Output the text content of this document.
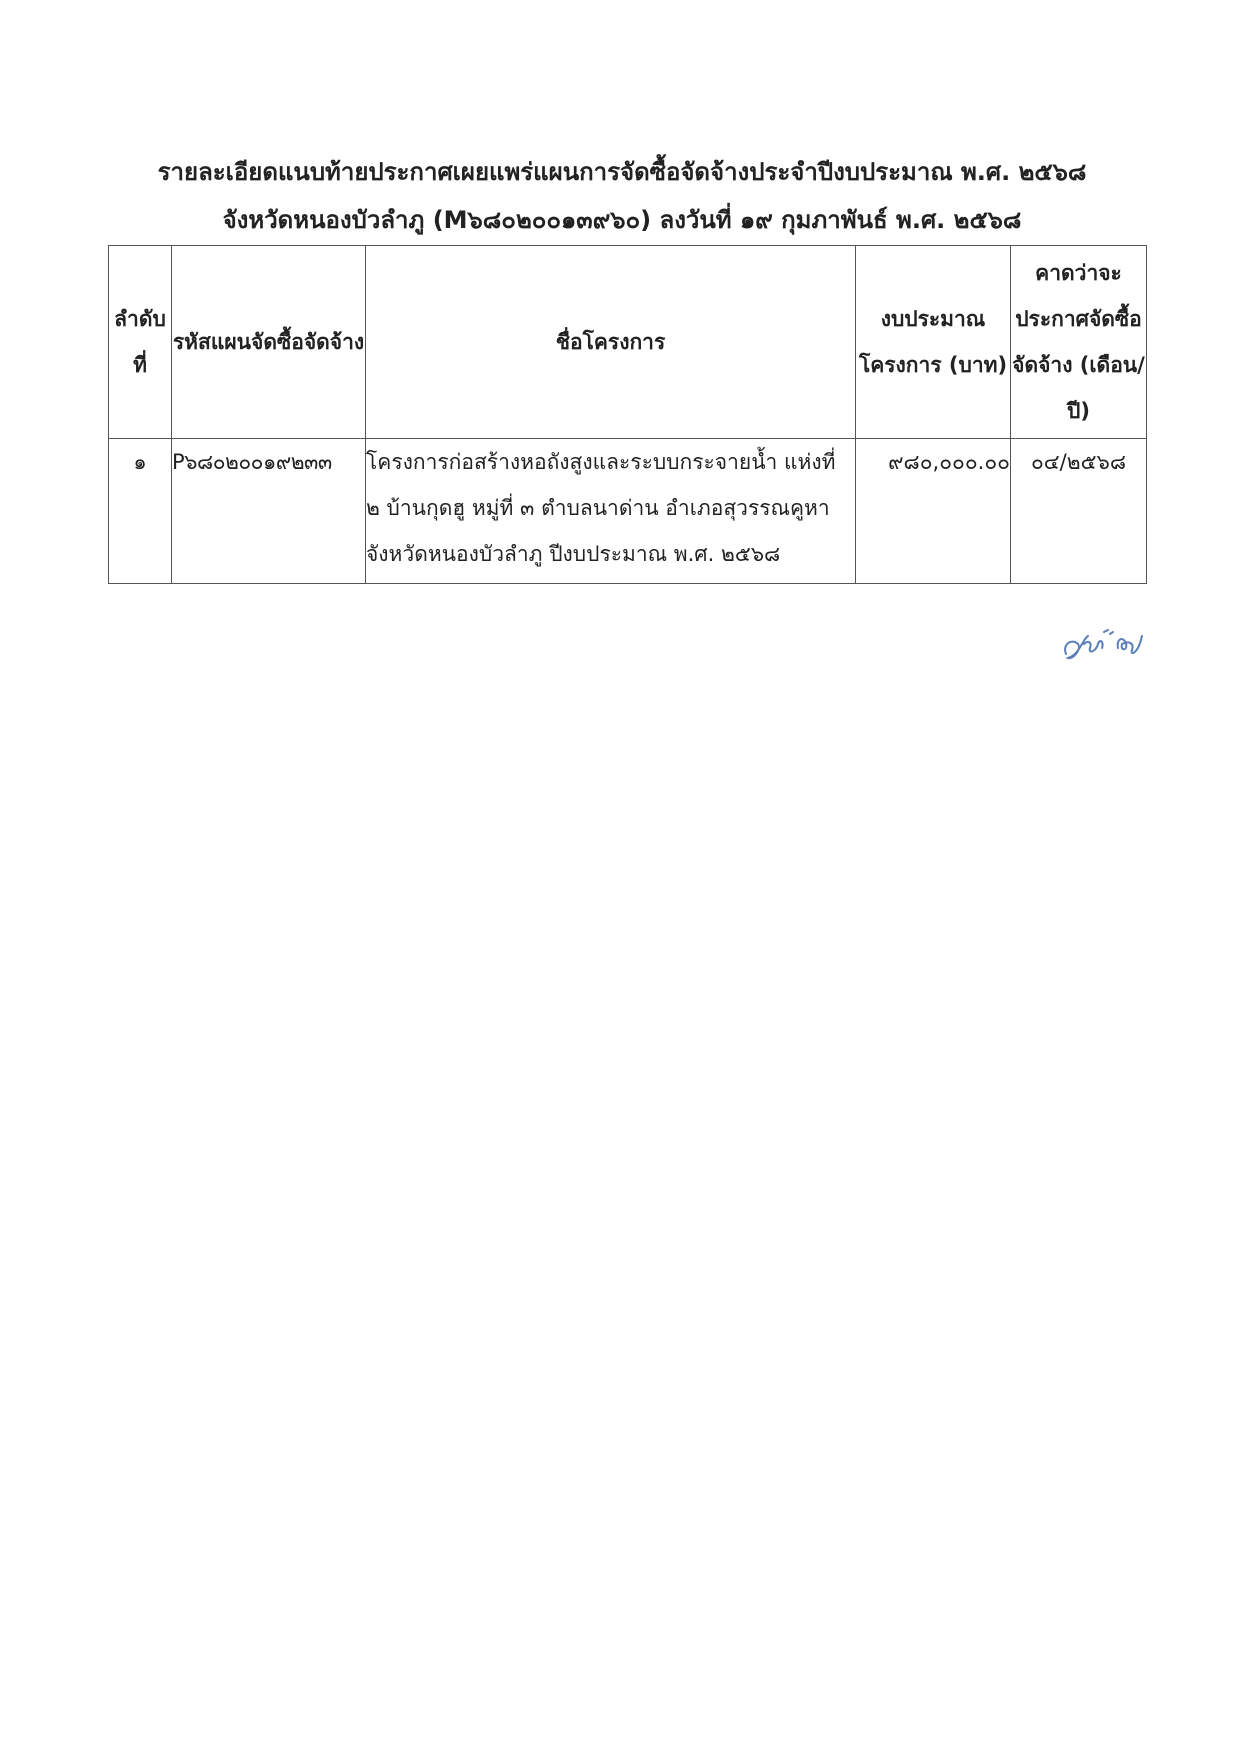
รายละเอียดแนบท้ายประกาศเผยแพร่แผนการจัดซื้อจัดจ้างประจำปีงบประมาณ พ.ศ. ๒๕๖๘
จังหวัดหนองบัวลำภู (M๖๘๐๒๐๐๑๓๙๖๐) ลงวันที่ ๑๙ กุมภาพันธ์ พ.ศ. ๒๕๖๘
ลำดับที่	รหัสแผนจัดซื้อจัดจ้าง	ชื่อโครงการ	งบประมาณโครงการ (บาท)	คาดว่าจะประกาศจัดซื้อจัดจ้าง (เดือน/ปี)
๑	P๖๘๐๒๐๐๑๙๒๓๓	โครงการก่อสร้างหอถังสูงและระบบกระจายน้ำ แห่งที่ ๒ บ้านกุดฮู หมู่ที่ ๓ ตำบลนาด่าน อำเภอสุวรรณคูหา จังหวัดหนองบัวลำภู ปีงบประมาณ พ.ศ. ๒๕๖๘	๙๘๐,๐๐๐.๐๐	๐๔/๒๕๖๘
